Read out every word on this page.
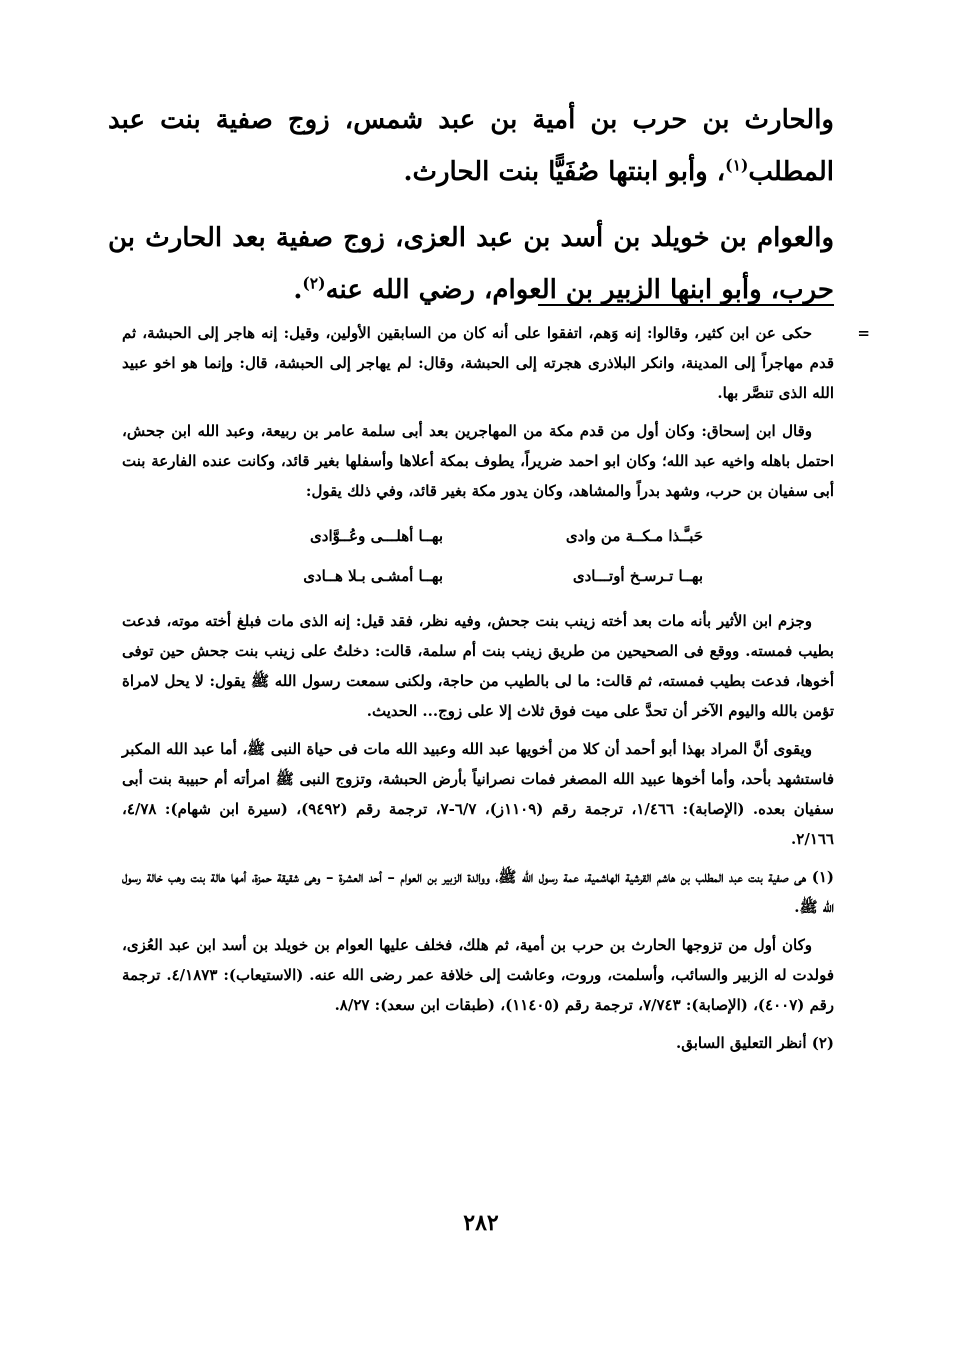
والحارث بن حرب بن أمية بن عبد شمس، زوج صفية بنت عبد المطلب$^{(١)}$، وأبو ابنتها صُفَيًّا بنت الحارث.

والعوام بن خويلد بن أسد بن عبد العزى، زوج صفية بعد الحارث بن حرب، وأبو ابنها الزبير بن العوام، رضي الله عنه$^{(٢)}$.

=

حكى عن ابن كثير، وقالوا: إنه وَهم، اتفقوا على أنه كان من السابقين الأولين، وقيل: إنه هاجر إلى الحبشة، ثم قدم مهاجراً إلى المدينة، وانكر البلاذرى هجرته إلى الحبشة، وقال: لم يهاجر إلى الحبشة، قال: وإنما هو اخو عبيد الله الذى تنصَّر بها.

وقال ابن إسحاق: وكان أول من قدم مكة من المهاجرين بعد أبى سلمة عامر بن ربيعة، وعبد الله ابن جحش، احتمل باهله واخيه عبد الله؛ وكان ابو احمد ضريراً، يطوف بمكة أعلاها وأسفلها بغير قائد، وكانت عنده الفارعة بنت أبى سفيان بن حرب، وشهد بدراً والمشاهد، وكان يدور مكة بغير قائد، وفي ذلك يقول:

حَبـَّـذا مـكــة من وادى
بهــا أهلـــى وعُــوَّادى
بهــا تـرسـخ أوتـــادى
بهــا أمشـى بـلا هــادى

وجزم ابن الأثير بأنه مات بعد أخته زينب بنت جحش، وفيه نظر، فقد قيل: إنه الذى مات فبلغ أخته موته، فدعت بطيب فمسته. ووقع فى الصحيحين من طريق زينب بنت أم سلمة، قالت: دخلتُ على زينب بنت جحش حين توفى أخوها، فدعت بطيب فمسته، ثم قالت: ما لى بالطيب من حاجة، ولكنى سمعت رسول الله ﷺ يقول: لا يحل لامراة تؤمن بالله واليوم الآخر أن تحدَّ على ميت فوق ثلاث إلا على زوج... الحديث.

ويقوى أنَّ المراد بهذا أبو أحمد أن كلا من أخويها عبد الله وعبيد الله مات فى حياة النبى ﷺ، أما عبد الله المكبر فاستشهد بأحد، وأما أخوها عبيد الله المصغر فمات نصرانياً بأرض الحبشة، وتزوج النبى ﷺ امرأته أم حبيبة بنت أبى سفيان بعده. (الإصابة): ١/٤٦٦، ترجمة رقم (١١٠٩ز)، ٦/٧-٧، ترجمة رقم (٩٤٩٢)، (سيرة ابن شهام): ٤/٧٨، ٢/١٦٦.

(١) هى صفية بنت عبد المطلب بن هاشم القرشية الهاشمية، عمة رسول الله ﷺ، ووالدة الزبير بن العوام – أحد العشرة – وهى شقيقة حمزة، أمها هالة بنت وهب خالة رسول الله ﷺ.

وكان أول من تزوجها الحارث بن حرب بن أمية، ثم هلك، فخلف عليها العوام بن خويلد بن أسد ابن عبد العُزى، فولدت له الزبير والسائب، وأسلمت، وروت، وعاشت إلى خلافة عمر رضى الله عنه. (الاستيعاب): ٤/١٨٧٣. ترجمة رقم (٤٠٠٧)، (الإصابة): ٧/٧٤٣، ترجمة رقم (١١٤٠٥)، (طبقات ابن سعد): ٨/٢٧.

(٢) أنظر التعليق السابق.

٢٨٢
